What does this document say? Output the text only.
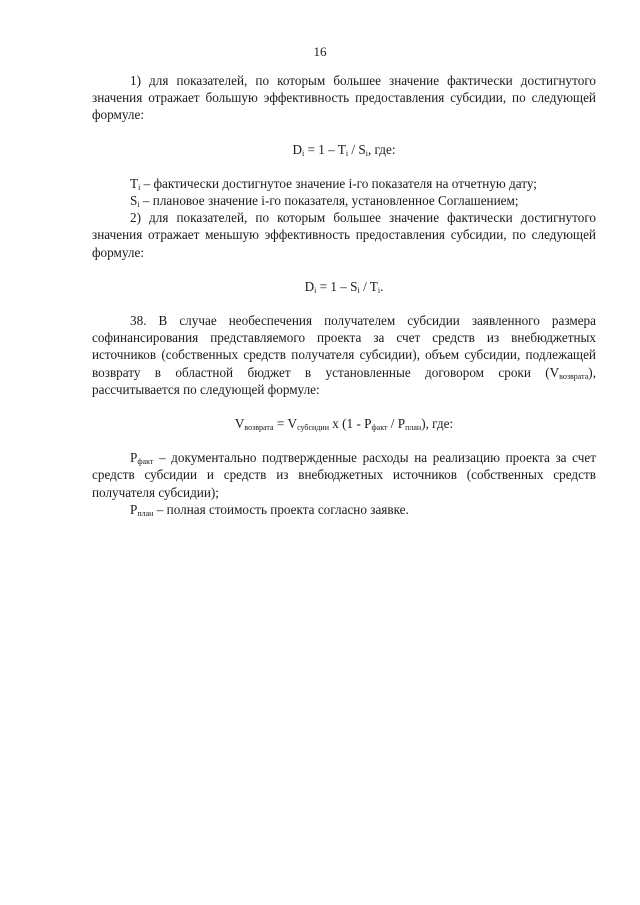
16

1) для показателей, по которым большее значение фактически достигнутого значения отражает большую эффективность предоставления субсидии, по следующей формуле:

$D_i = 1 - T_i / S_i$, где:

$T_i$ – фактически достигнутое значение i-го показателя на отчетную дату;

$S_i$ – плановое значение i-го показателя, установленное Соглашением;

2) для показателей, по которым большее значение фактически достигнутого значения отражает меньшую эффективность предоставления субсидии, по следующей формуле:

$D_i = 1 - S_i / T_i$.

38. В случае необеспечения получателем субсидии заявленного размера софинансирования представляемого проекта за счет средств из внебюджетных источников (собственных средств получателя субсидии), объем субсидии, подлежащей возврату в областной бюджет в установленные договором сроки $(V_{возврата})$, рассчитывается по следующей формуле:

$V_{возврата} = V_{субсидии}$ x $(1 - P_{факт} / P_{план})$, где:

$P_{факт}$ – документально подтвержденные расходы на реализацию проекта за счет средств субсидии и средств из внебюджетных источников (собственных средств получателя субсидии);

$P_{план}$ – полная стоимость проекта согласно заявке.
